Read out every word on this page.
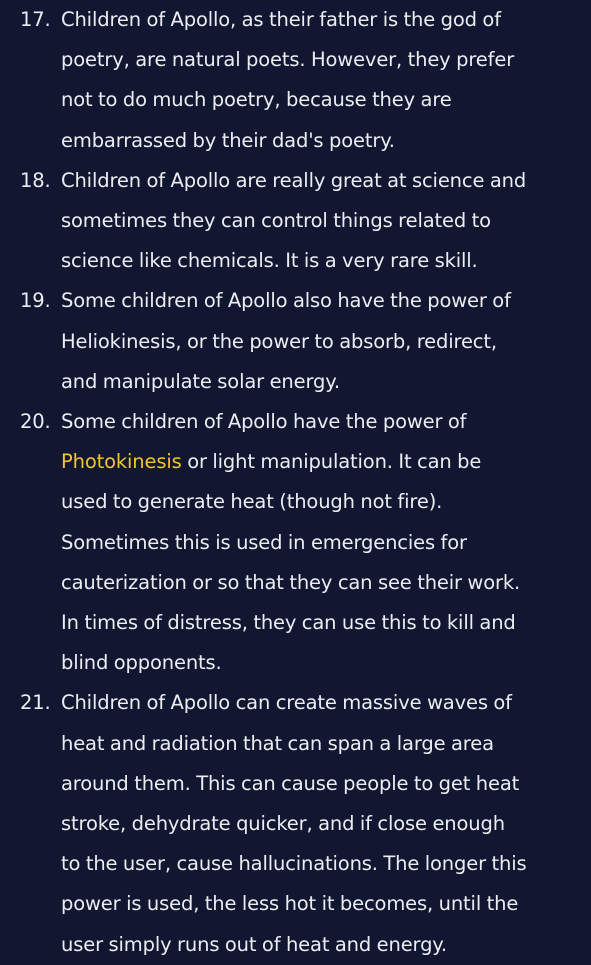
17. Children of Apollo, as their father is the god of
poetry, are natural poets. However, they prefer
not to do much poetry, because they are
embarrassed by their dad's poetry.
18. Children of Apollo are really great at science and
sometimes they can control things related to
science like chemicals. It is a very rare skill.
19. Some children of Apollo also have the power of
Heliokinesis, or the power to absorb, redirect,
and manipulate solar energy.
20. Some children of Apollo have the power of
Photokinesis or light manipulation. It can be
used to generate heat (though not fire).
Sometimes this is used in emergencies for
cauterization or so that they can see their work.
In times of distress, they can use this to kill and
blind opponents.
21. Children of Apollo can create massive waves of
heat and radiation that can span a large area
around them. This can cause people to get heat
stroke, dehydrate quicker, and if close enough
to the user, cause hallucinations. The longer this
power is used, the less hot it becomes, until the
user simply runs out of heat and energy.
